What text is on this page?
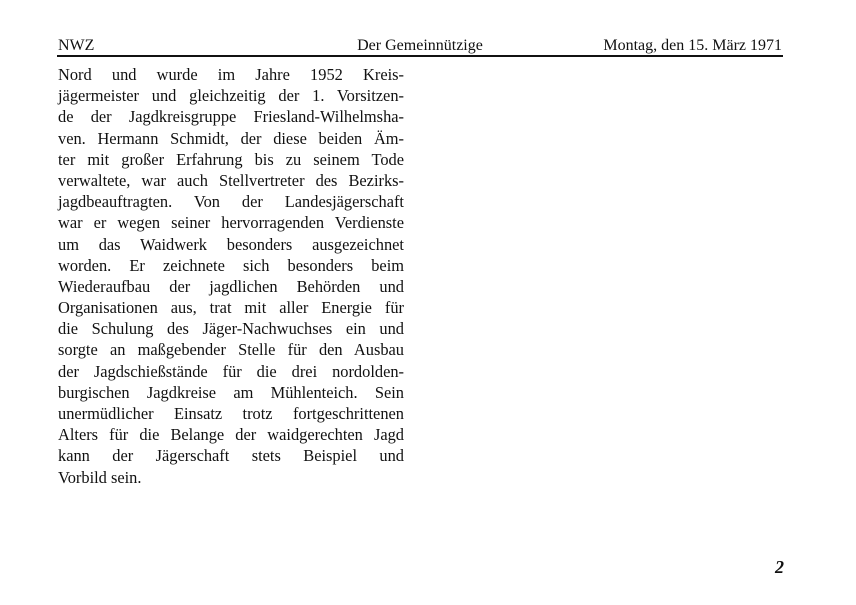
NWZ	Der Gemeinnützige	Montag, den 15. März 1971
Nord und wurde im Jahre 1952 Kreis-
jägermeister und gleichzeitig der 1. Vorsitzen-
de der Jagdkreisgruppe Friesland-Wilhelmsha-
ven. Hermann Schmidt, der diese beiden Äm-
ter mit großer Erfahrung bis zu seinem Tode
verwaltete, war auch Stellvertreter des Bezirks-
jagdbeauftragten. Von der Landesjägerschaft
war er wegen seiner hervorragenden Verdienste
um das Waidwerk besonders ausgezeichnet
worden. Er zeichnete sich besonders beim
Wiederaufbau der jagdlichen Behörden und
Organisationen aus, trat mit aller Energie für
die Schulung des Jäger-Nachwuchses ein und
sorgte an maßgebender Stelle für den Ausbau
der Jagdschießstände für die drei nordolden-
burgischen Jagdkreise am Mühlenteich. Sein
unermüdlicher Einsatz trotz fortgeschrittenen
Alters für die Belange der waidgerechten Jagd
kann der Jägerschaft stets Beispiel und
Vorbild sein.
2
